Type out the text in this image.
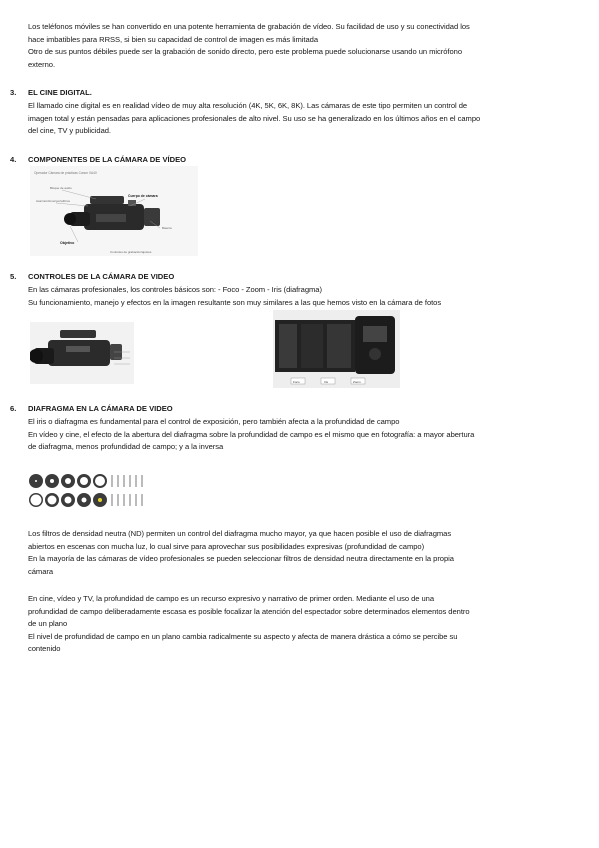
Los teléfonos móviles se han convertido en una potente herramienta de grabación de vídeo. Su facilidad de uso y su conectividad los
hace imbatibles para RRSS, si bien su capacidad de control de imagen es más limitada
Otro de sus puntos débiles puede ser la grabación de sonido directo, pero este problema puede solucionarse usando un micrófono
externo.
3. EL CINE DIGITAL.
El llamado cine digital es en realidad vídeo de muy alta resolución (4K, 5K, 6K, 8K). Las cámaras de este tipo permiten un control de
imagen total y están pensadas para aplicaciones profesionales de alto nivel. Su uso se ha generalizado en los últimos años en el campo
del cine, TV y publicidad.
4. COMPONENTES DE LA CÁMARA DE VÍDEO
Operador Cámara de prácticas Canon XA40
Bloque de audio
Asa/micrófono/portafiltros
Cuerpo de cámara
Batería
Objetivo
Controles de grabación/ajustes
5. CONTROLES DE LA CÁMARA DE VIDEO
En las cámaras profesionales, los controles básicos son: - Foco - Zoom - Iris (diafragma)
Su funcionamiento, manejo y efectos en la imagen resultante son muy similares a las que hemos visto en la cámara de fotos
Foco	Iris	Zoom
6. DIAFRAGMA EN LA CÁMARA DE VIDEO
El iris o diafragma es fundamental para el control de exposición, pero también afecta a la profundidad de campo
En vídeo y cine, el efecto de la abertura del diafragma sobre la profundidad de campo es el mismo que en fotografía: a mayor abertura
de diafragma, menos profundidad de campo; y a la inversa
Los filtros de densidad neutra (ND) permiten un control del diafragma mucho mayor, ya que hacen posible el uso de diafragmas
abiertos en escenas con mucha luz, lo cual sirve para aprovechar sus posibilidades expresivas (profundidad de campo)
En la mayoría de las cámaras de vídeo profesionales se pueden seleccionar filtros de densidad neutra directamente en la propia
cámara
En cine, vídeo y TV, la profundidad de campo es un recurso expresivo y narrativo de primer orden. Mediante el uso de una
profundidad de campo deliberadamente escasa es posible focalizar la atención del espectador sobre determinados elementos dentro
de un plano
El nivel de profundidad de campo en un plano cambia radicalmente su aspecto y afecta de manera drástica a cómo se percibe su
contenido
